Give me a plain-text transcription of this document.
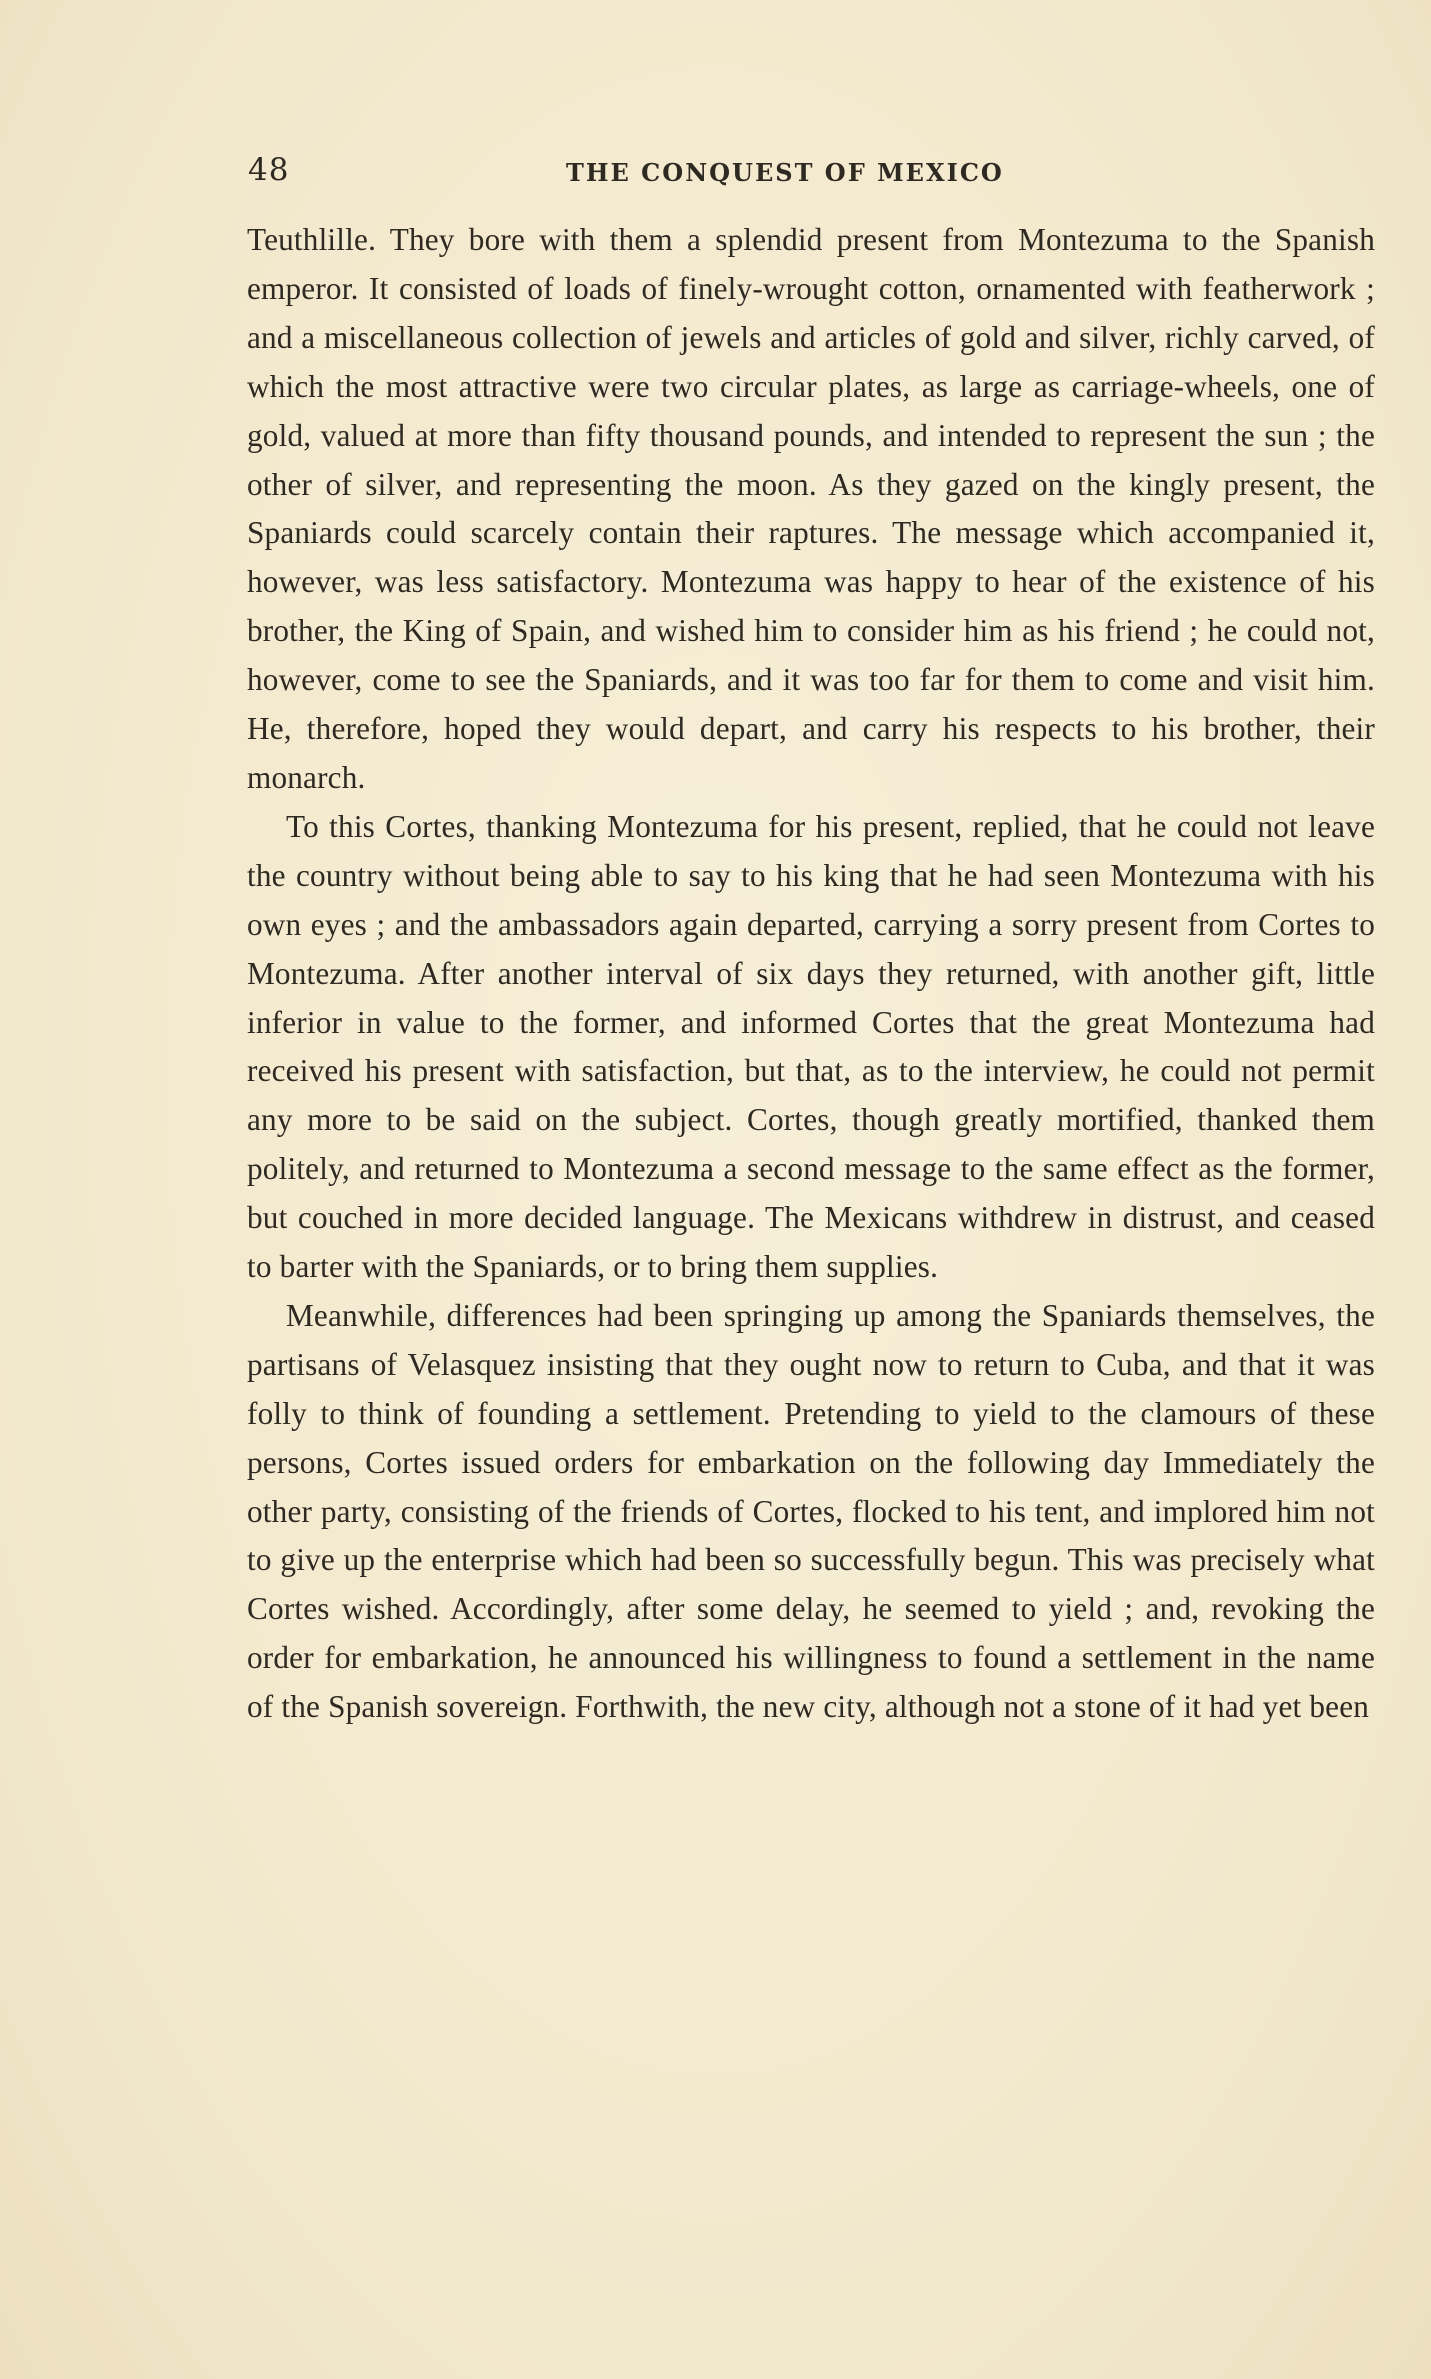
48	THE CONQUEST OF MEXICO

Teuthlille. They bore with them a splendid present from Montezuma to the Spanish emperor. It consisted of loads of finely-wrought cotton, ornamented with featherwork ; and a miscellaneous collection of jewels and articles of gold and silver, richly carved, of which the most attractive were two circular plates, as large as carriage-wheels, one of gold, valued at more than fifty thousand pounds, and intended to represent the sun ; the other of silver, and representing the moon. As they gazed on the kingly present, the Spaniards could scarcely contain their raptures. The message which accompanied it, however, was less satisfactory. Montezuma was happy to hear of the existence of his brother, the King of Spain, and wished him to consider him as his friend ; he could not, however, come to see the Spaniards, and it was too far for them to come and visit him. He, therefore, hoped they would depart, and carry his respects to his brother, their monarch.

To this Cortes, thanking Montezuma for his present, replied, that he could not leave the country without being able to say to his king that he had seen Montezuma with his own eyes ; and the ambassadors again departed, carrying a sorry present from Cortes to Montezuma. After another interval of six days they returned, with another gift, little inferior in value to the former, and informed Cortes that the great Montezuma had received his present with satisfaction, but that, as to the interview, he could not permit any more to be said on the subject. Cortes, though greatly mortified, thanked them politely, and returned to Montezuma a second message to the same effect as the former, but couched in more decided language. The Mexicans withdrew in distrust, and ceased to barter with the Spaniards, or to bring them supplies.

Meanwhile, differences had been springing up among the Spaniards themselves, the partisans of Velasquez insisting that they ought now to return to Cuba, and that it was folly to think of founding a settlement. Pretending to yield to the clamours of these persons, Cortes issued orders for embarkation on the following day Immediately the other party, consisting of the friends of Cortes, flocked to his tent, and implored him not to give up the enterprise which had been so successfully begun. This was precisely what Cortes wished. Accordingly, after some delay, he seemed to yield ; and, revoking the order for embarkation, he announced his willingness to found a settlement in the name of the Spanish sovereign. Forthwith, the new city, although not a stone of it had yet been
